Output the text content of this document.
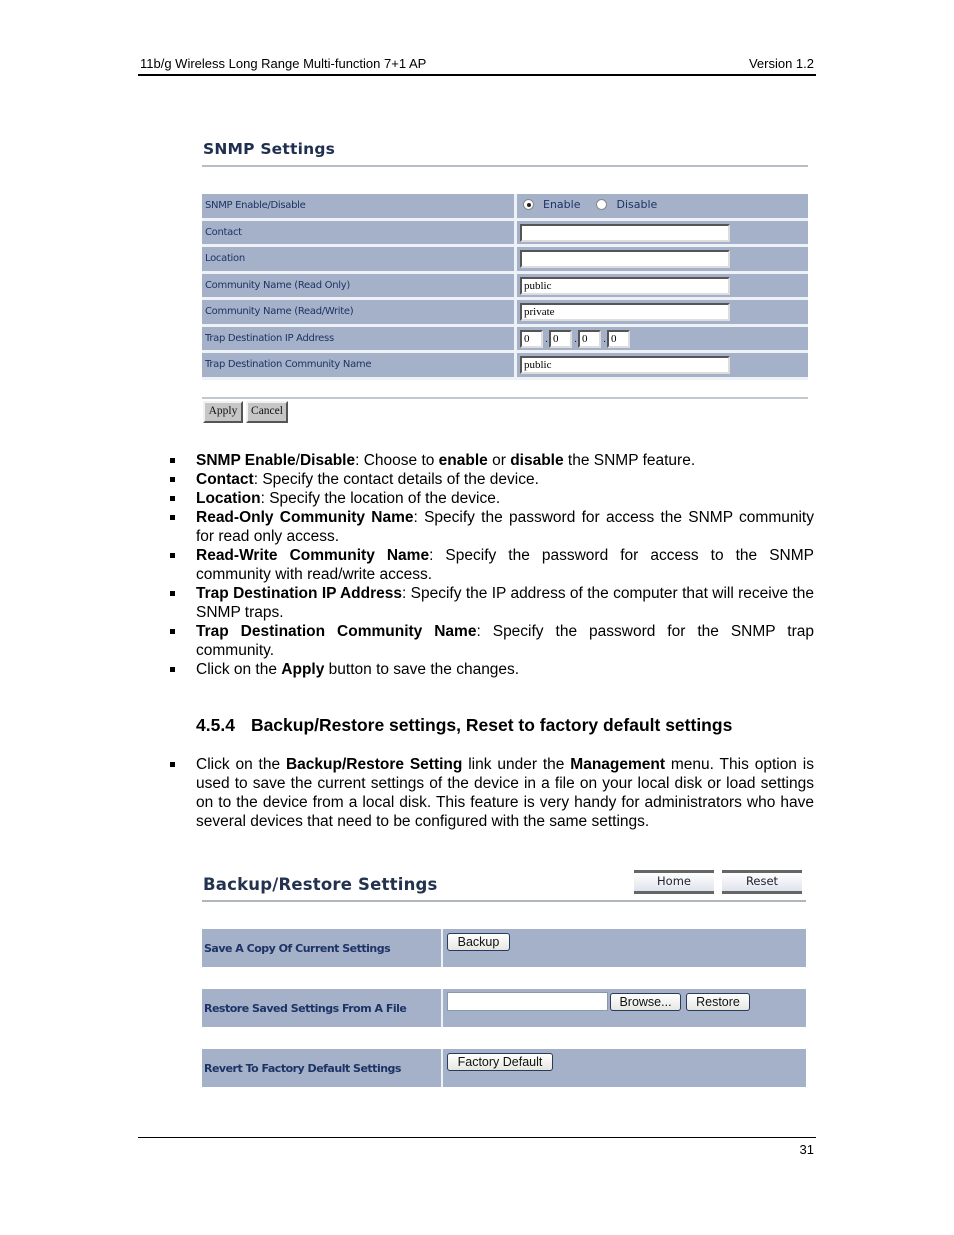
11b/g Wireless Long Range Multi-function 7+1 AP	Version 1.2
SNMP Settings
SNMP Enable/Disable	Enable	Disable
Contact
Location
Community Name (Read Only)	public
Community Name (Read/Write)	private
Trap Destination IP Address	0	. 0	. 0	. 0
Trap Destination Community Name	public
Apply	Cancel
SNMP Enable/Disable: Choose to enable or disable the SNMP feature.
Contact: Specify the contact details of the device.
Location: Specify the location of the device.
Read-Only Community Name: Specify the password for access the SNMP community for read only access.
Read-Write Community Name: Specify the password for access to the SNMP community with read/write access.
Trap Destination IP Address: Specify the IP address of the computer that will receive the SNMP traps.
Trap Destination Community Name: Specify the password for the SNMP trap community.
Click on the Apply button to save the changes.
4.5.4 Backup/Restore settings, Reset to factory default settings
Click on the Backup/Restore Setting link under the Management menu. This option is used to save the current settings of the device in a file on your local disk or load settings on to the device from a local disk. This feature is very handy for administrators who have several devices that need to be configured with the same settings.
Backup/Restore Settings	Home	Reset
Save A Copy Of Current Settings	Backup
Restore Saved Settings From A File	Browse...	Restore
Revert To Factory Default Settings	Factory Default
31
